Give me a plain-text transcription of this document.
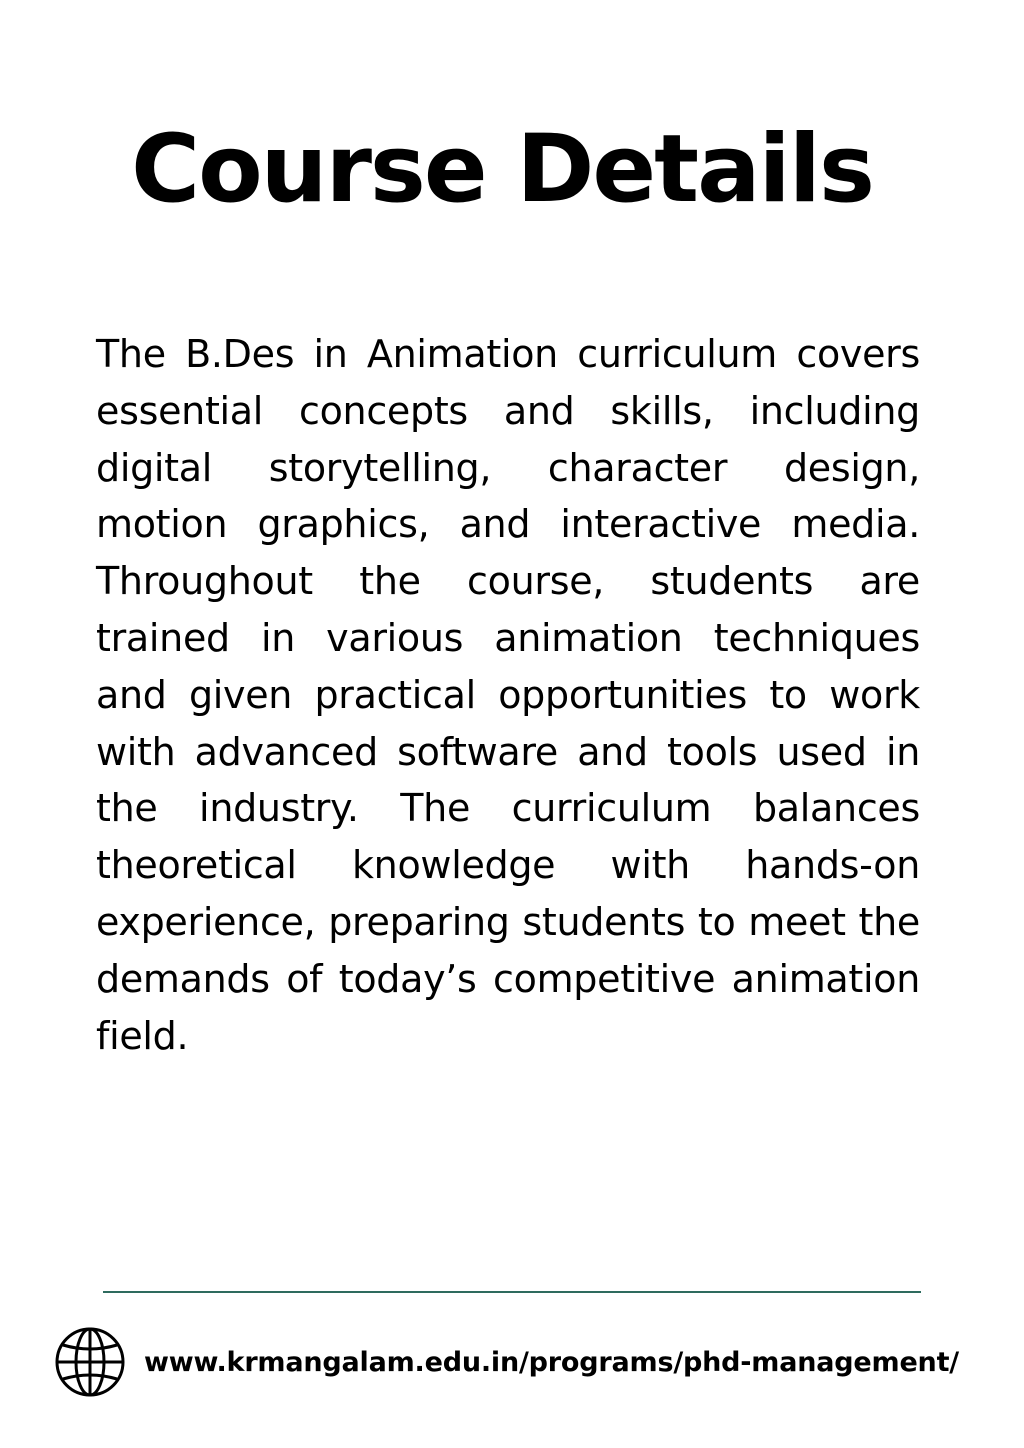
Course Details

The B.Des in Animation curriculum covers essential concepts and skills, including digital storytelling, character design, motion graphics, and interactive media. Throughout the course, students are trained in various animation techniques and given practical opportunities to work with advanced software and tools used in the industry. The curriculum balances theoretical knowledge with hands-on experience, preparing students to meet the demands of today’s competitive animation field.

www.krmangalam.edu.in/programs/phd-management/
